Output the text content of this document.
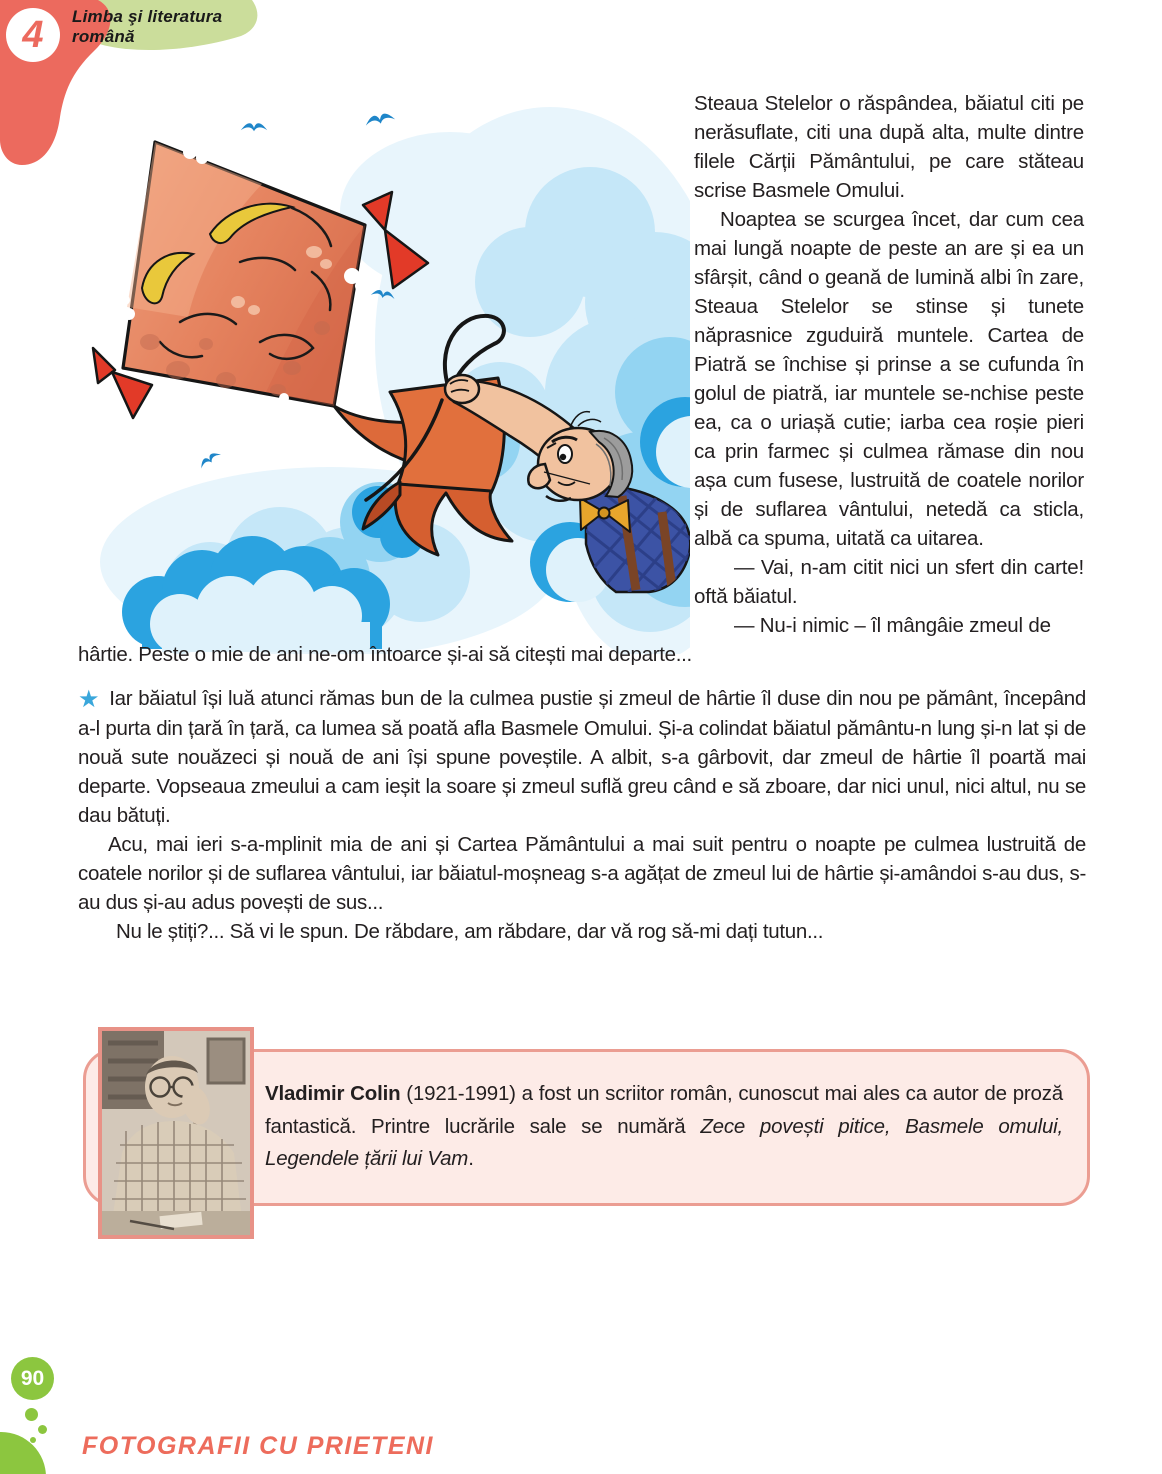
4	Limba şi literatura română

Steaua Stelelor o răspândea, băiatul citi pe nerăsuflate, citi una după alta, multe dintre filele Cărții Pământului, pe care stăteau scrise Basmele Omului.

Noaptea se scurgea încet, dar cum cea mai lungă noapte de peste an are și ea un sfârșit, când o geană de lumină albi în zare, Steaua Stelelor se stinse și tunete năprasnice zguduiră muntele. Cartea de Piatră se închise și prinse a se cufunda în golul de piatră, iar muntele se-nchise peste ea, ca o uriașă cutie; iarba cea roșie pieri ca prin farmec și culmea rămase din nou așa cum fusese, lustruită de coatele norilor și de suflarea vântului, netedă ca sticla, albă ca spuma, uitată ca uitarea.

— Vai, n-am citit nici un sfert din carte! oftă băiatul.

— Nu-i nimic – îl mângâie zmeul de

hârtie. Peste o mie de ani ne-om întoarce și-ai să citești mai departe...

★ Iar băiatul își luă atunci rămas bun de la culmea pustie și zmeul de hârtie îl duse din nou pe pământ, începând a-l purta din țară în țară, ca lumea să poată afla Basmele Omului. Și-a colindat băiatul pământu-n lung și-n lat și de nouă sute nouăzeci și nouă de ani își spune poveștile. A albit, s-a gârbovit, dar zmeul de hârtie îl poartă mai departe. Vopseaua zmeului a cam ieșit la soare și zmeul suflă greu când e să zboare, dar nici unul, nici altul, nu se dau bătuți.

Acu, mai ieri s-a-mplinit mia de ani și Cartea Pământului a mai suit pentru o noapte pe culmea lustruită de coatele norilor și de suflarea vântului, iar băiatul-moșneag s-a agățat de zmeul lui de hârtie și-amândoi s-au dus, s-au dus și-au adus povești de sus...

Nu le știți?... Să vi le spun. De răbdare, am răbdare, dar vă rog să-mi dați tutun...

Vladimir Colin (1921-1991) a fost un scriitor român, cunoscut mai ales ca autor de proză fantastică. Printre lucrările sale se numără Zece povești pitice, Basmele omului, Legendele țării lui Vam.
90
FOTOGRAFII CU PRIETENI
